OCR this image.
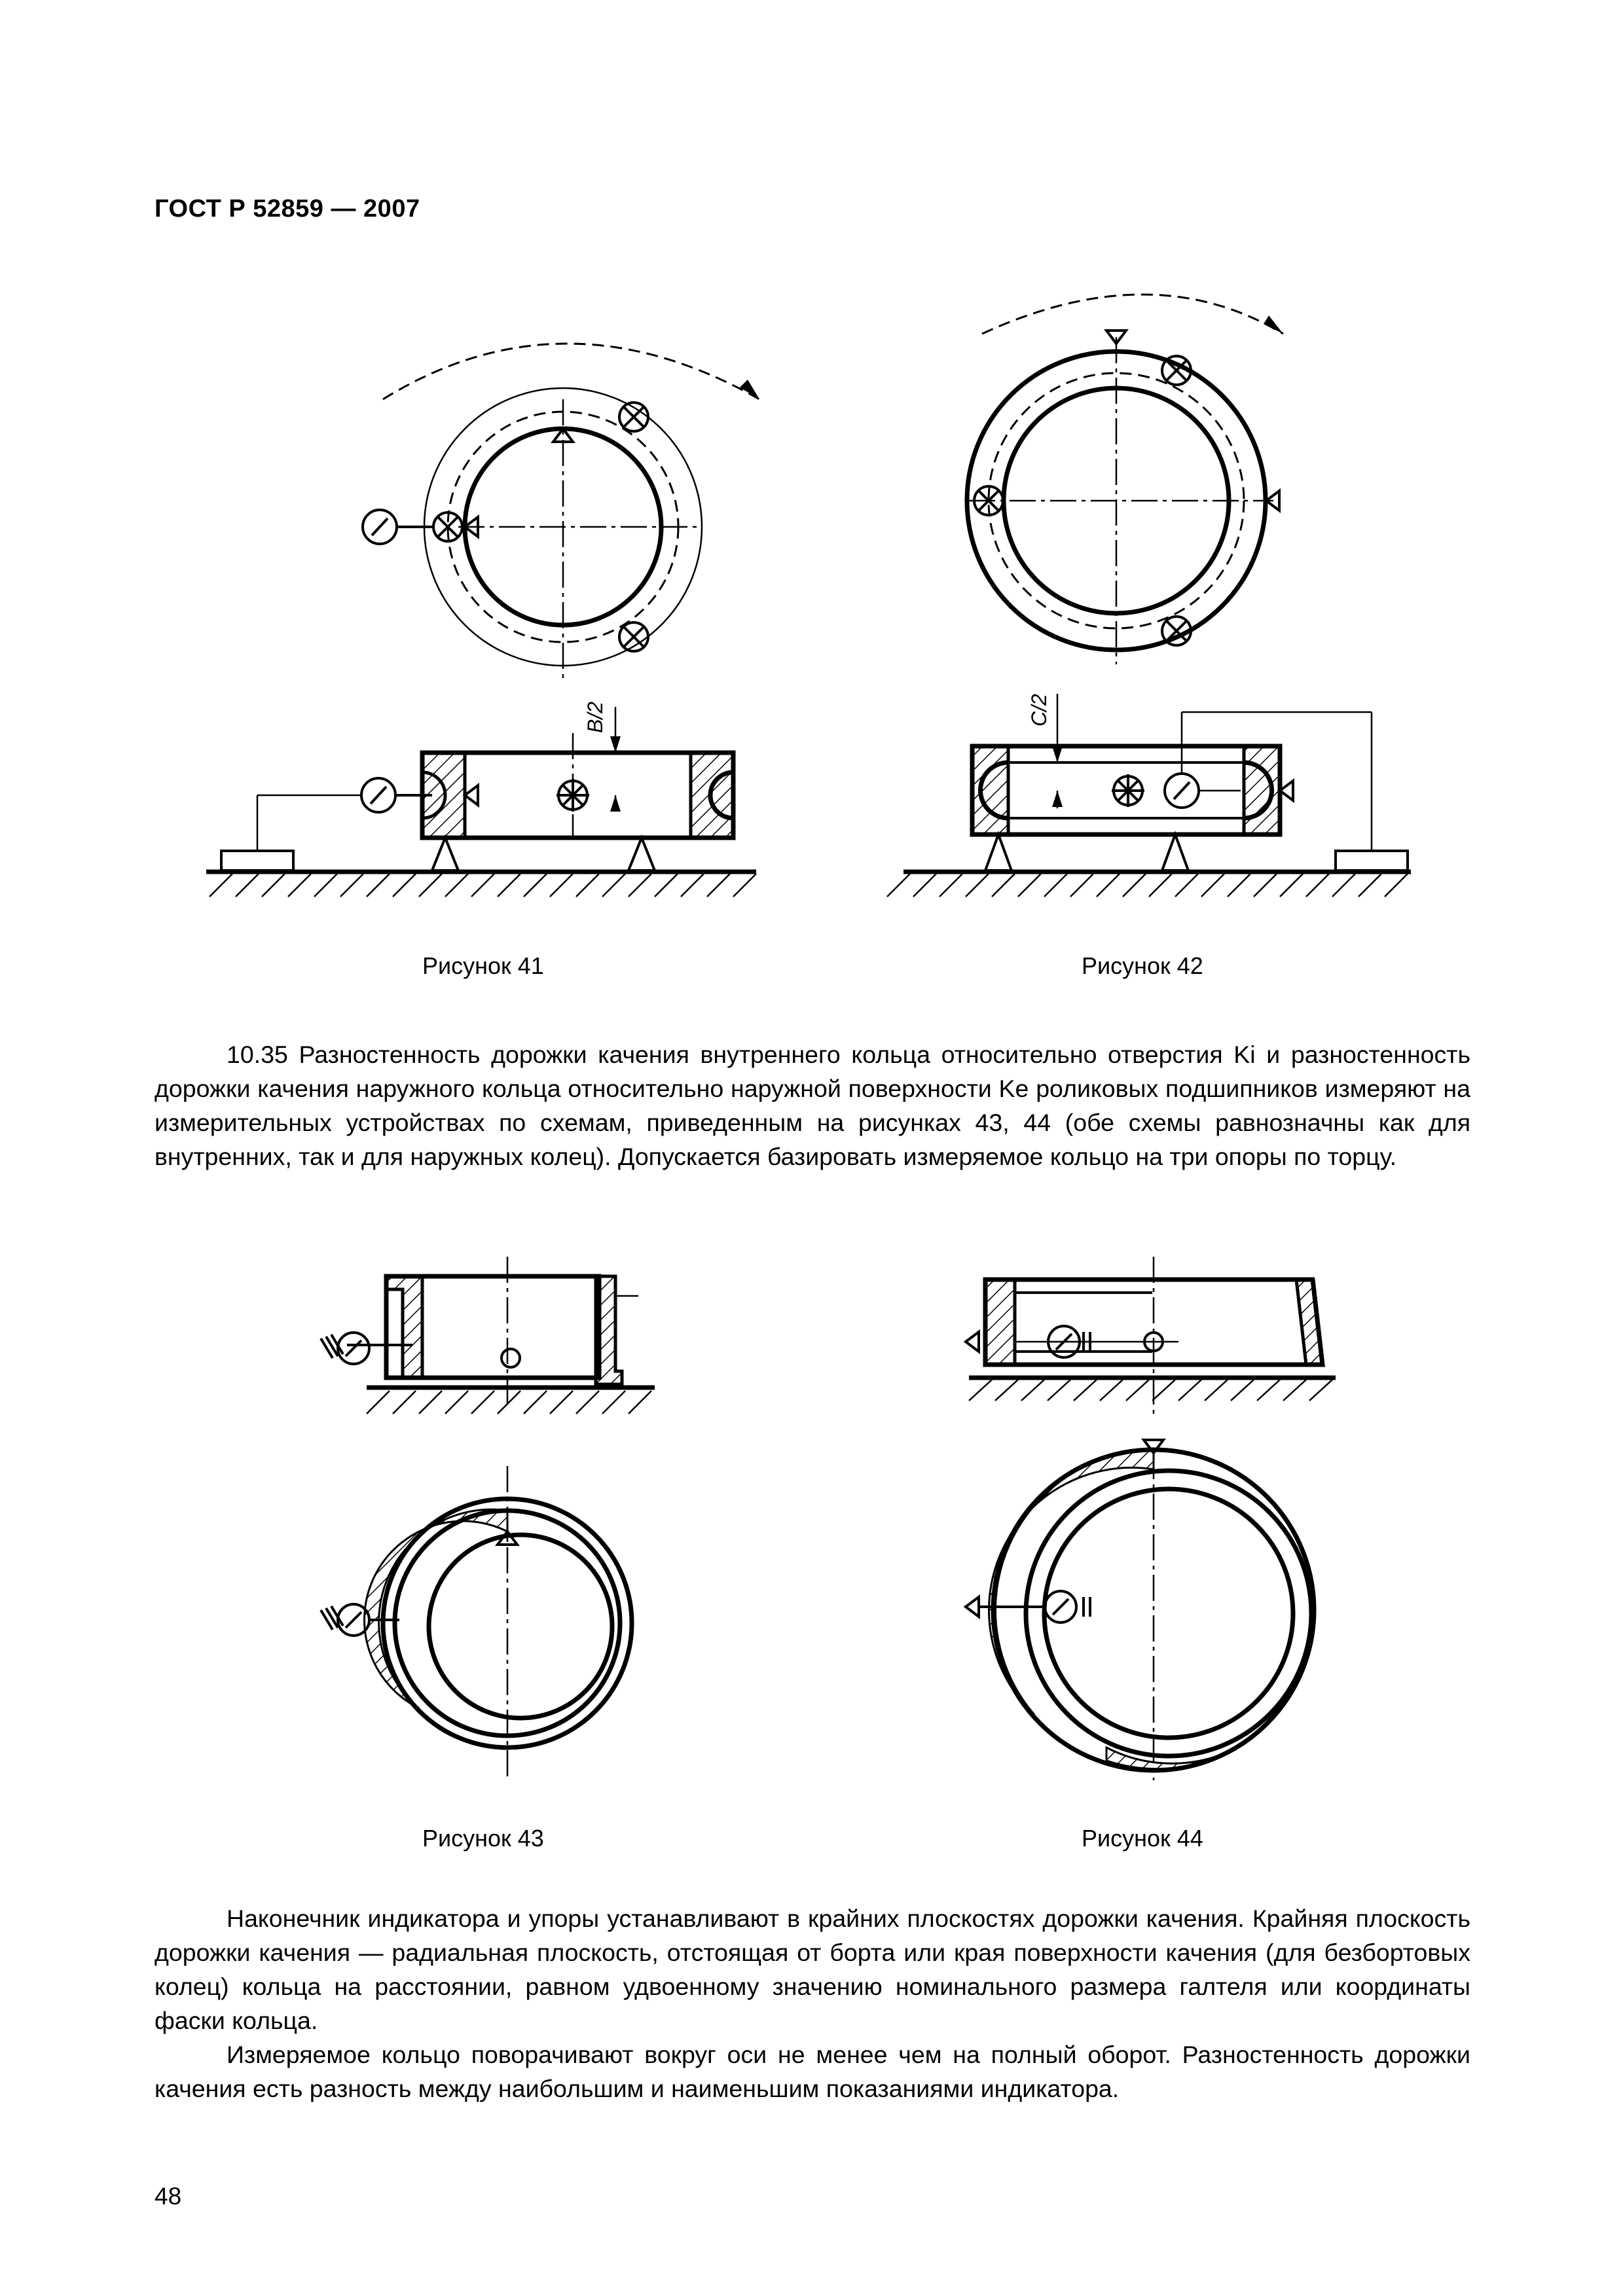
ГОСТ Р 52859 — 2007
B/2
Рисунок 41
C/2
Рисунок 42

10.35 Разностенность дорожки качения внутреннего кольца относительно отверстия Ki и разностенность дорожки качения наружного кольца относительно наружной поверхности Ke роликовых подшипников измеряют на измерительных устройствах по схемам, приведенным на рисунках 43, 44 (обе схемы равнозначны как для внутренних, так и для наружных колец). Допускается базировать измеряемое кольцо на три опоры по торцу.

Рисунок 43	Рисунок 44

Наконечник индикатора и упоры устанавливают в крайних плоскостях дорожки качения. Крайняя плоскость дорожки качения — радиальная плоскость, отстоящая от борта или края поверхности качения (для безбортовых колец) кольца на расстоянии, равном удвоенному значению номинального размера галтеля или координаты фаски кольца.

Измеряемое кольцо поворачивают вокруг оси не менее чем на полный оборот. Разностенность дорожки качения есть разность между наибольшим и наименьшим показаниями индикатора.

48
